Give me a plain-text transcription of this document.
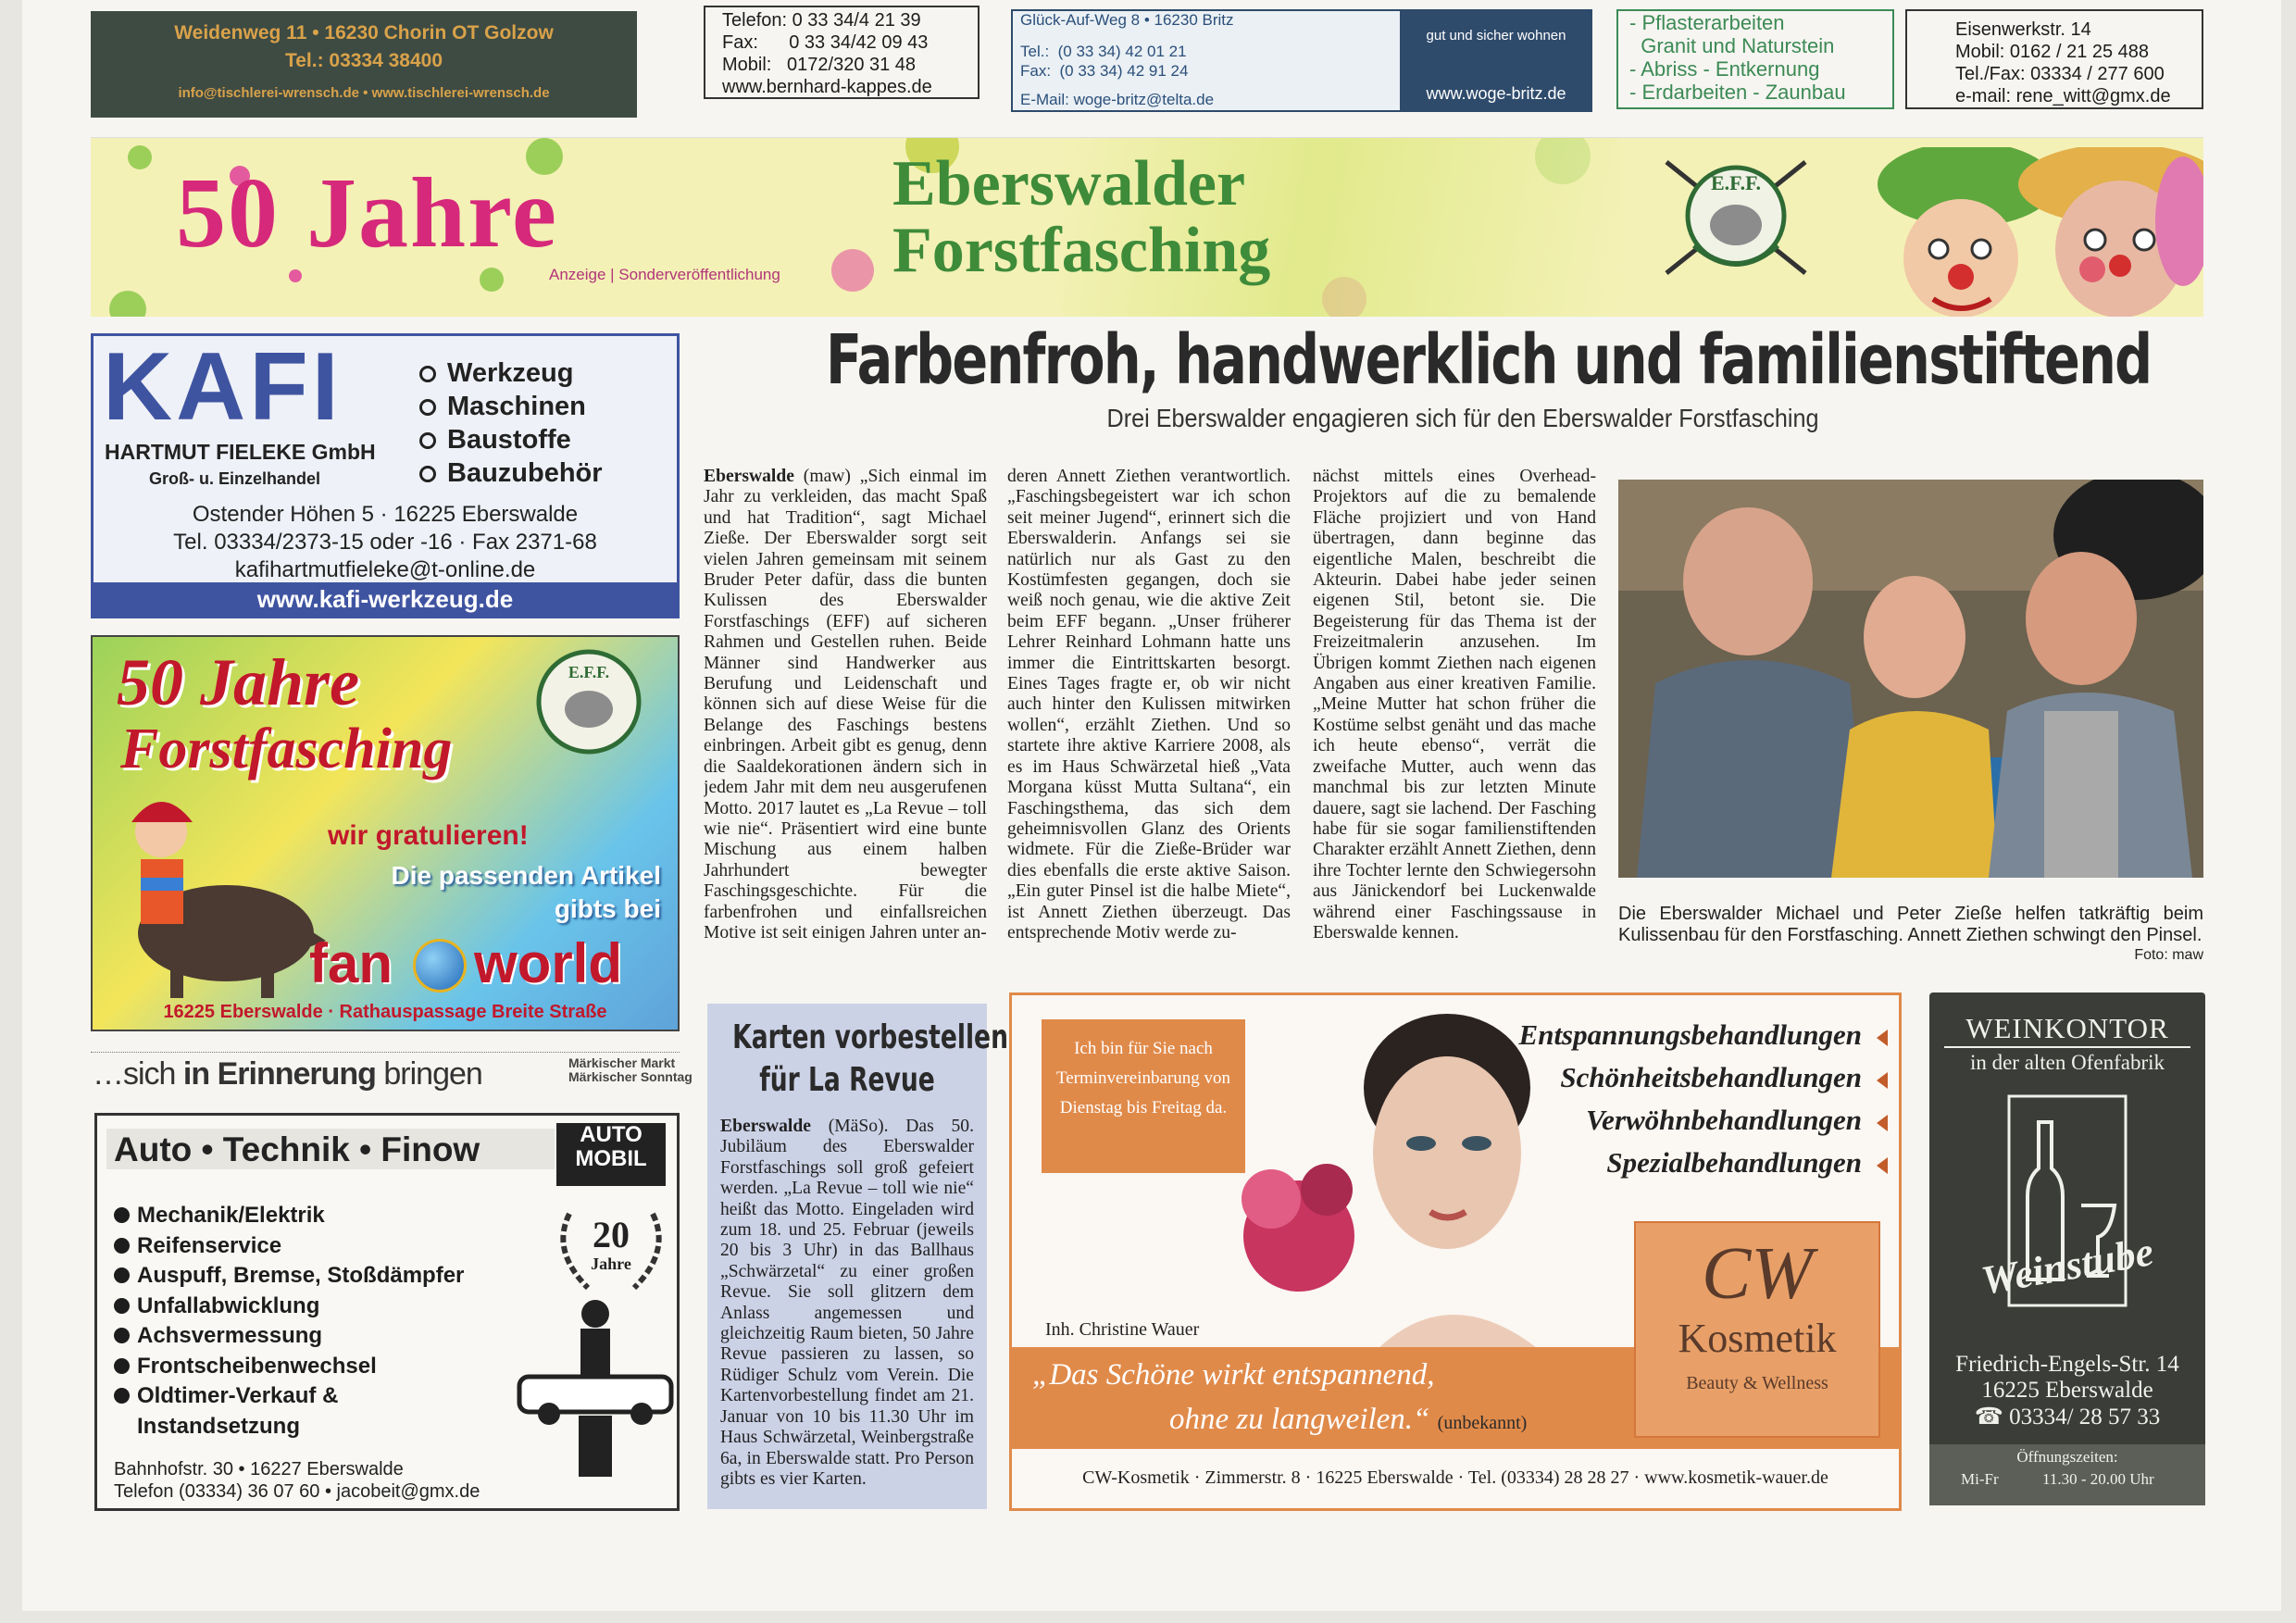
Weidenweg 11 • 16230 Chorin OT Golzow
Tel.: 03334 38400
info@tischlerei-wrensch.de • www.tischlerei-wrensch.de
Telefon: 0 33 34/4 21 39
Fax:      0 33 34/42 09 43
Mobil:   0172/320 31 48
www.bernhard-kappes.de
Glück-Auf-Weg 8 • 16230 Britz
Tel.:  (0 33 34) 42 01 21
Fax:  (0 33 34) 42 91 24
E-Mail: woge-britz@telta.de
gut und sicher wohnen
www.woge-britz.de
- Pflasterarbeiten
Granit und Naturstein
- Abriss - Entkernung
- Erdarbeiten - Zaunbau
Eisenwerkstr. 14
Mobil: 0162 / 21 25 488
Tel./Fax: 03334 / 277 600
e-mail: rene_witt@gmx.de
50 Jahre
Anzeige | Sonderveröffentlichung
Eberswalder
Forstfasching
E.F.F.
KAFI
HARTMUT FIELEKE GmbH
Groß- u. Einzelhandel
Werkzeug
Maschinen
Baustoffe
Bauzubehör
Ostender Höhen 5 · 16225 Eberswalde
Tel. 03334/2373-15 oder -16 · Fax 2371-68
kafihartmutfieleke@t-online.de
www.kafi-werkzeug.de
50 Jahre
Forstfasching
E.F.F.
wir gratulieren!
Die passenden Artikel
gibts bei
fan world
16225 Eberswalde · Rathauspassage Breite Straße
…sich in Erinnerung bringen	Märkischer Markt
Märkischer Sonntag
Auto • Technik • Finow	AUTO
MOBIL
20
Jahre
Mechanik/Elektrik
Reifenservice
Auspuff, Bremse, Stoßdämpfer
Unfallabwicklung
Achsvermessung
Frontscheibenwechsel
Oldtimer-Verkauf &
Instandsetzung
Bahnhofstr. 30 • 16227 Eberswalde
Telefon (03334) 36 07 60 • jacobeit@gmx.de
Farbenfroh, handwerklich und familienstiftend
Drei Eberswalder engagieren sich für den Eberswalder Forstfasching
Eberswalde (maw) „Sich einmal im Jahr zu verkleiden, das macht Spaß und hat Tradition“, sagt Michael Zieße. Der Eberswalder sorgt seit vielen Jahren gemeinsam mit seinem Bruder Peter dafür, dass die bunten Kulissen des Eberswalder Forstfaschings (EFF) auf sicheren Rahmen und Gestellen ruhen. Beide Männer sind Handwerker aus Berufung und Leidenschaft und können sich auf diese Weise für die Belange des Faschings bestens einbringen. Arbeit gibt es genug, denn die Saaldekorationen ändern sich in jedem Jahr mit dem neu ausgerufenen Motto. 2017 lautet es „La Revue – toll wie nie“. Präsentiert wird eine bunte Mischung aus einem halben Jahrhundert bewegter Faschingsgeschichte. Für die farbenfrohen und einfallsreichen Motive ist seit einigen Jahren unter an-
deren Annett Ziethen verantwortlich. „Faschingsbegeistert war ich schon seit meiner Jugend“, erinnert sich die Eberswalderin. Anfangs sei sie natürlich nur als Gast zu den Kostümfesten gegangen, doch sie weiß noch genau, wie die aktive Zeit beim EFF begann. „Unser früherer Lehrer Reinhard Lohmann hatte uns immer die Eintrittskarten besorgt. Eines Tages fragte er, ob wir nicht auch hinter den Kulissen mitwirken wollen“, erzählt Ziethen. Und so startete ihre aktive Karriere 2008, als es im Haus Schwärzetal hieß „Vata Morgana küsst Mutta Sultana“, ein Faschingsthema, das sich dem geheimnisvollen Glanz des Orients widmete. Für die Zieße-Brüder war dies ebenfalls die erste aktive Saison. „Ein guter Pinsel ist die halbe Miete“, ist Annett Ziethen überzeugt. Das entsprechende Motiv werde zu-
nächst mittels eines Overhead-Projektors auf die zu bemalende Fläche projiziert und von Hand übertragen, dann beginne das eigentliche Malen, beschreibt die Akteurin. Dabei habe jeder seinen eigenen Stil, betont sie. Die Begeisterung für das Thema ist der Freizeitmalerin anzusehen. Im Übrigen kommt Ziethen nach eigenen Angaben aus einer kreativen Familie. „Meine Mutter hat schon früher die Kostüme selbst genäht und das mache ich heute ebenso“, verrät die zweifache Mutter, auch wenn das manchmal bis zur letzten Minute dauere, sagt sie lachend. Der Fasching habe für sie sogar familienstiftenden Charakter erzählt Annett Ziethen, denn ihre Tochter lernte den Schwiegersohn aus Jänickendorf bei Luckenwalde während einer Faschingssause in Eberswalde kennen.
Die Eberswalder Michael und Peter Zieße helfen tatkräftig beim Kulissenbau für den Forstfasching. Annett Ziethen schwingt den Pinsel.
Foto: maw
Karten vorbestellen
für La Revue
Eberswalde (MäSo). Das 50. Jubiläum des Eberswalder Forstfaschings soll groß gefeiert werden. „La Revue – toll wie nie“ heißt das Motto. Eingeladen wird zum 18. und 25. Februar (jeweils 20 bis 3 Uhr) in das Ballhaus „Schwärzetal“ zu einer großen Revue. Sie soll glitzern dem Anlass angemessen und gleichzeitig Raum bieten, 50 Jahre Revue passieren zu lassen, so Rüdiger Schulz vom Verein. Die Kartenvorbestellung findet am 21. Januar von 10 bis 11.30 Uhr im Haus Schwärzetal, Weinbergstraße 6a, in Eberswalde statt. Pro Person gibts es vier Karten.
Ich bin für Sie nach Terminvereinbarung von Dienstag bis Freitag da.
Entspannungsbehandlungen
Schönheitsbehandlungen
Verwöhnbehandlungen
Spezialbehandlungen
Inh. Christine Wauer
„Das Schöne wirkt entspannend,
ohne zu langweilen.“ (unbekannt)
CW
Kosmetik
Beauty & Wellness
CW-Kosmetik · Zimmerstr. 8 · 16225 Eberswalde · Tel. (03334) 28 28 27 · www.kosmetik-wauer.de
WEINKONTOR
in der alten Ofenfabrik
Weinstube
Friedrich-Engels-Str. 14
16225 Eberswalde
☎ 03334/ 28 57 33
Öffnungszeiten:
Mi-Fr	11.30 - 20.00 Uhr
